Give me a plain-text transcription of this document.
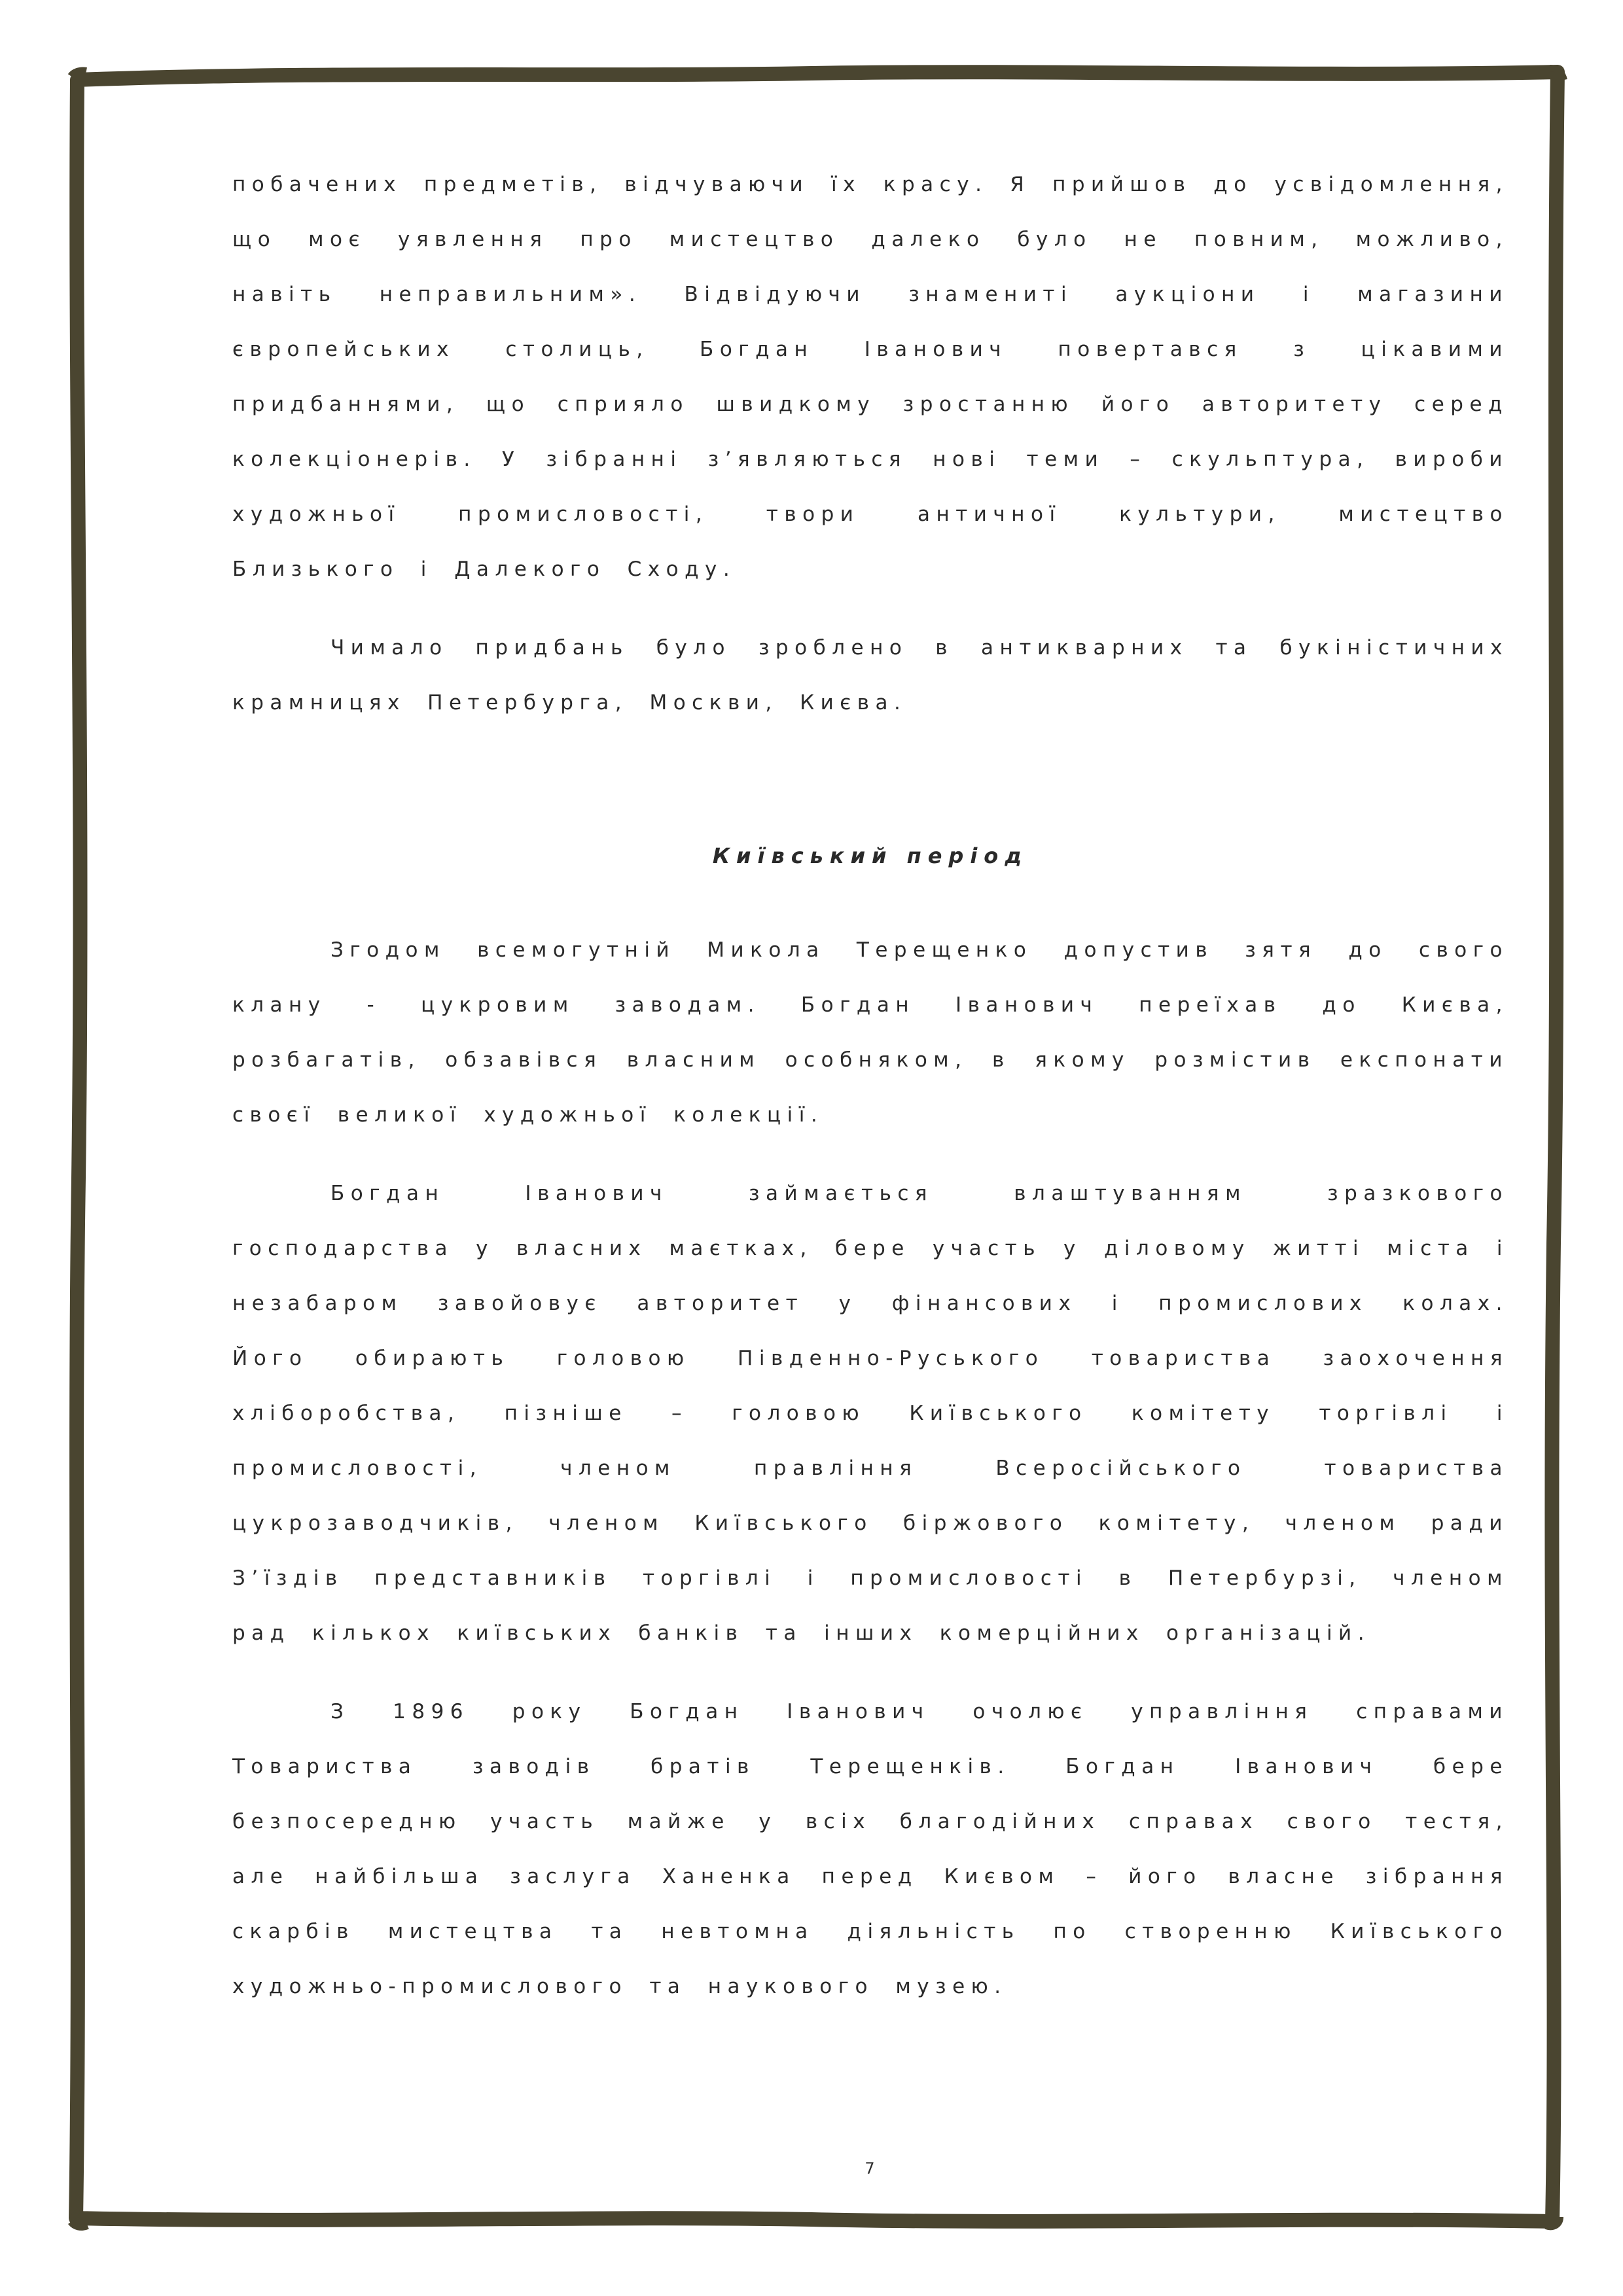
побачених предметів, відчуваючи їх красу. Я прийшов до усвідомлення, що моє уявлення про мистецтво далеко було не повним, можливо, навіть неправильним». Відвідуючи знамениті аукціони і магазини європейських столиць, Богдан Іванович повертався з цікавими придбаннями, що сприяло швидкому зростанню його авторитету серед колекціонерів. У зібранні з’являються нові теми – скульптура, вироби художньої промисловості, твори античної культури, мистецтво Близького і Далекого Сходу.

Чимало придбань було зроблено в антикварних та букіністичних крамницях Петербурга, Москви, Києва.

Київський період

Згодом всемогутній Микола Терещенко допустив зятя до свого клану - цукровим заводам. Богдан Іванович переїхав до Києва, розбагатів, обзавівся власним особняком, в якому розмістив експонати своєї великої художньої колекції.

Богдан Іванович займається влаштуванням зразкового господарства у власних маєтках, бере участь у діловому житті міста і незабаром завойовує авторитет у фінансових і промислових колах. Його обирають головою Південно-Руського товариства заохочення хліборобства, пізніше – головою Київського комітету торгівлі і промисловості, членом правління Всеросійського товариства цукрозаводчиків, членом Київського біржового комітету, членом ради З’їздів представників торгівлі і промисловості в Петербурзі, членом рад кількох київських банків та інших комерційних організацій.

З 1896 року Богдан Іванович очолює управління справами Товариства заводів братів Терещенків. Богдан Іванович бере безпосередню участь майже у всіх благодійних справах свого тестя, але найбільша заслуга Ханенка перед Києвом – його власне зібрання скарбів мистецтва та невтомна діяльність по створенню Київського художньо-промислового та наукового музею.

7
